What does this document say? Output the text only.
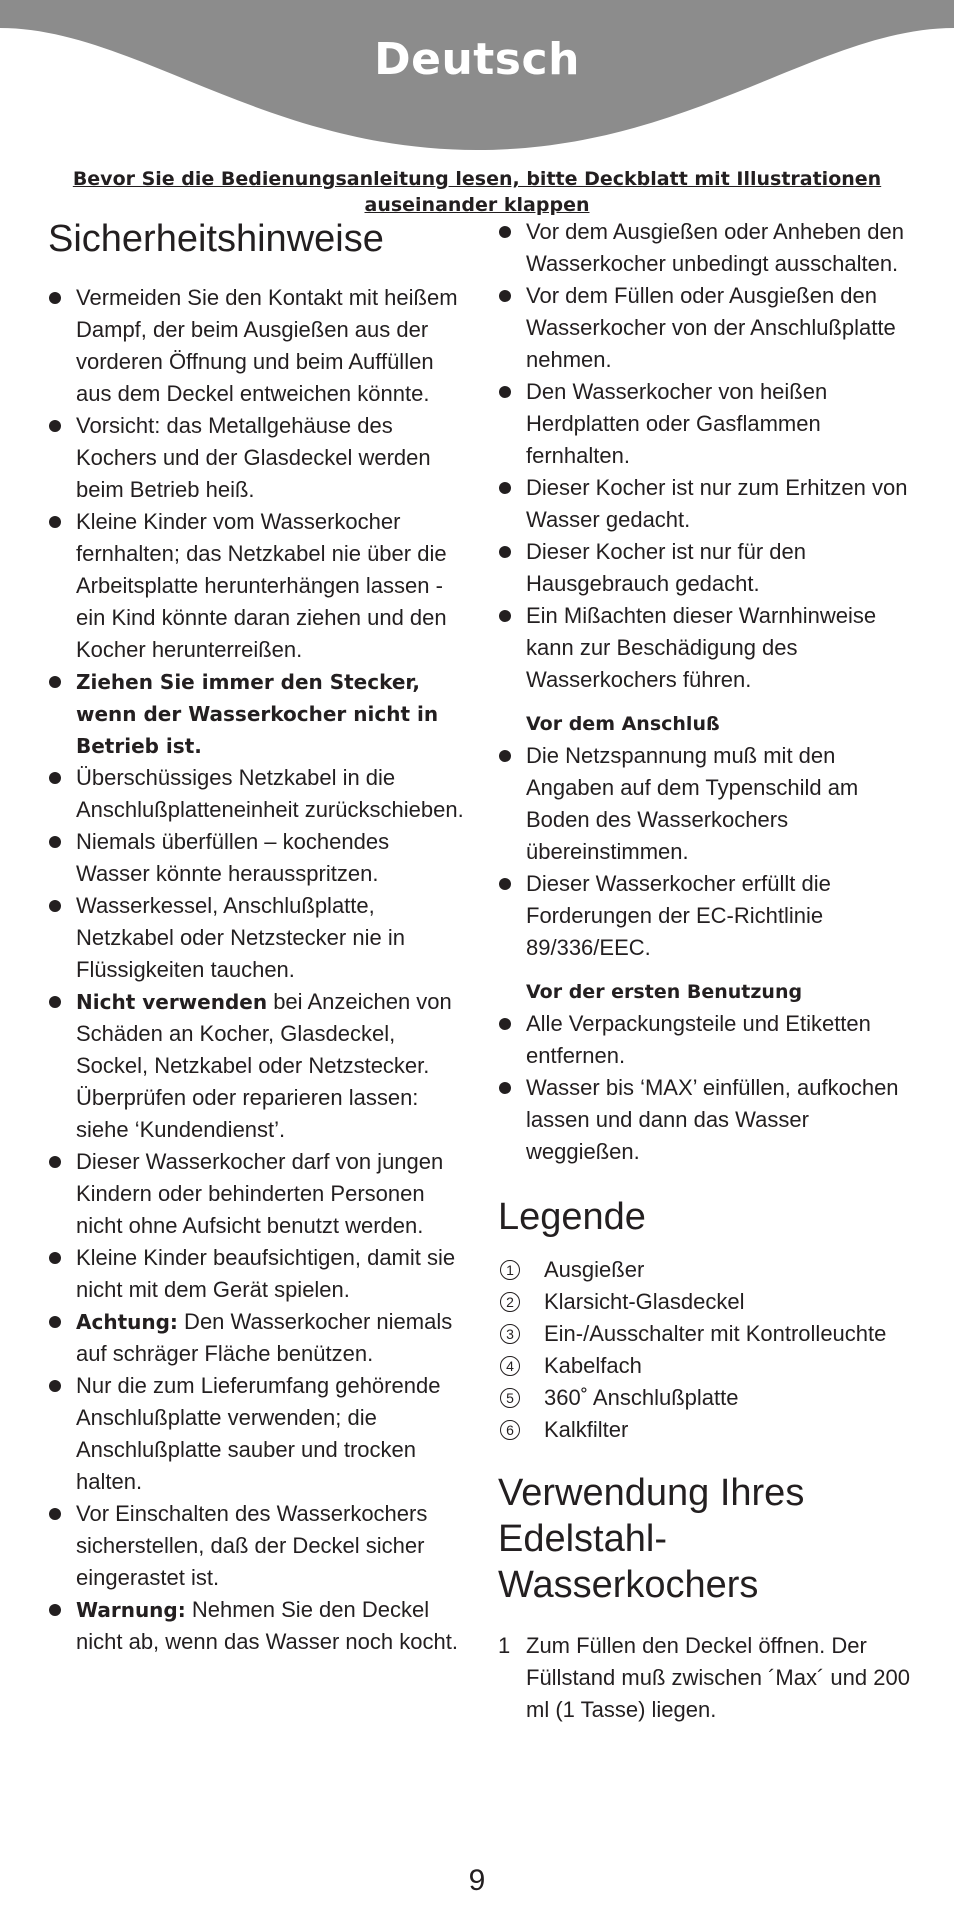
Deutsch
Bevor Sie die Bedienungsanleitung lesen, bitte Deckblatt mit Illustrationen auseinander klappen
Sicherheitshinweise
Vermeiden Sie den Kontakt mit heißem Dampf, der beim Ausgießen aus der vorderen Öffnung und beim Auffüllen aus dem Deckel entweichen könnte.
Vorsicht: das Metallgehäuse des Kochers und der Glasdeckel werden beim Betrieb heiß.
Kleine Kinder vom Wasserkocher fernhalten; das Netzkabel nie über die Arbeitsplatte herunterhängen lassen - ein Kind könnte daran ziehen und den Kocher herunterreißen.
Ziehen Sie immer den Stecker, wenn der Wasserkocher nicht in Betrieb ist.
Überschüssiges Netzkabel in die Anschlußplatteneinheit zurückschieben.
Niemals überfüllen – kochendes Wasser könnte herausspritzen.
Wasserkessel, Anschlußplatte, Netzkabel oder Netzstecker nie in Flüssigkeiten tauchen.
Nicht verwenden bei Anzeichen von Schäden an Kocher, Glasdeckel, Sockel, Netzkabel oder Netzstecker. Überprüfen oder reparieren lassen: siehe ‘Kundendienst’.
Dieser Wasserkocher darf von jungen Kindern oder behinderten Personen nicht ohne Aufsicht benutzt werden.
Kleine Kinder beaufsichtigen, damit sie nicht mit dem Gerät spielen.
Achtung: Den Wasserkocher niemals auf schräger Fläche benützen.
Nur die zum Lieferumfang gehörende Anschlußplatte verwenden; die Anschlußplatte sauber und trocken halten.
Vor Einschalten des Wasserkochers sicherstellen, daß der Deckel sicher eingerastet ist.
Warnung: Nehmen Sie den Deckel nicht ab, wenn das Wasser noch kocht.
Vor dem Ausgießen oder Anheben den Wasserkocher unbedingt ausschalten.
Vor dem Füllen oder Ausgießen den Wasserkocher von der Anschlußplatte nehmen.
Den Wasserkocher von heißen Herdplatten oder Gasflammen fernhalten.
Dieser Kocher ist nur zum Erhitzen von Wasser gedacht.
Dieser Kocher ist nur für den Hausgebrauch gedacht.
Ein Mißachten dieser Warnhinweise kann zur Beschädigung des Wasserkochers führen.
Vor dem Anschluß
Die Netzspannung muß mit den Angaben auf dem Typenschild am Boden des Wasserkochers übereinstimmen.
Dieser Wasserkocher erfüllt die Forderungen der EC-Richtlinie 89/336/EEC.
Vor der ersten Benutzung
Alle Verpackungsteile und Etiketten entfernen.
Wasser bis ‘MAX’ einfüllen, aufkochen lassen und dann das Wasser weggießen.
Legende
1 Ausgießer
2 Klarsicht-Glasdeckel
3 Ein-/Ausschalter mit Kontrolleuchte
4 Kabelfach
5 360˚ Anschlußplatte
6 Kalkfilter
Verwendung Ihres Edelstahl-Wasserkochers
1 Zum Füllen den Deckel öffnen. Der Füllstand muß zwischen ´Max´ und 200 ml (1 Tasse) liegen.
9
